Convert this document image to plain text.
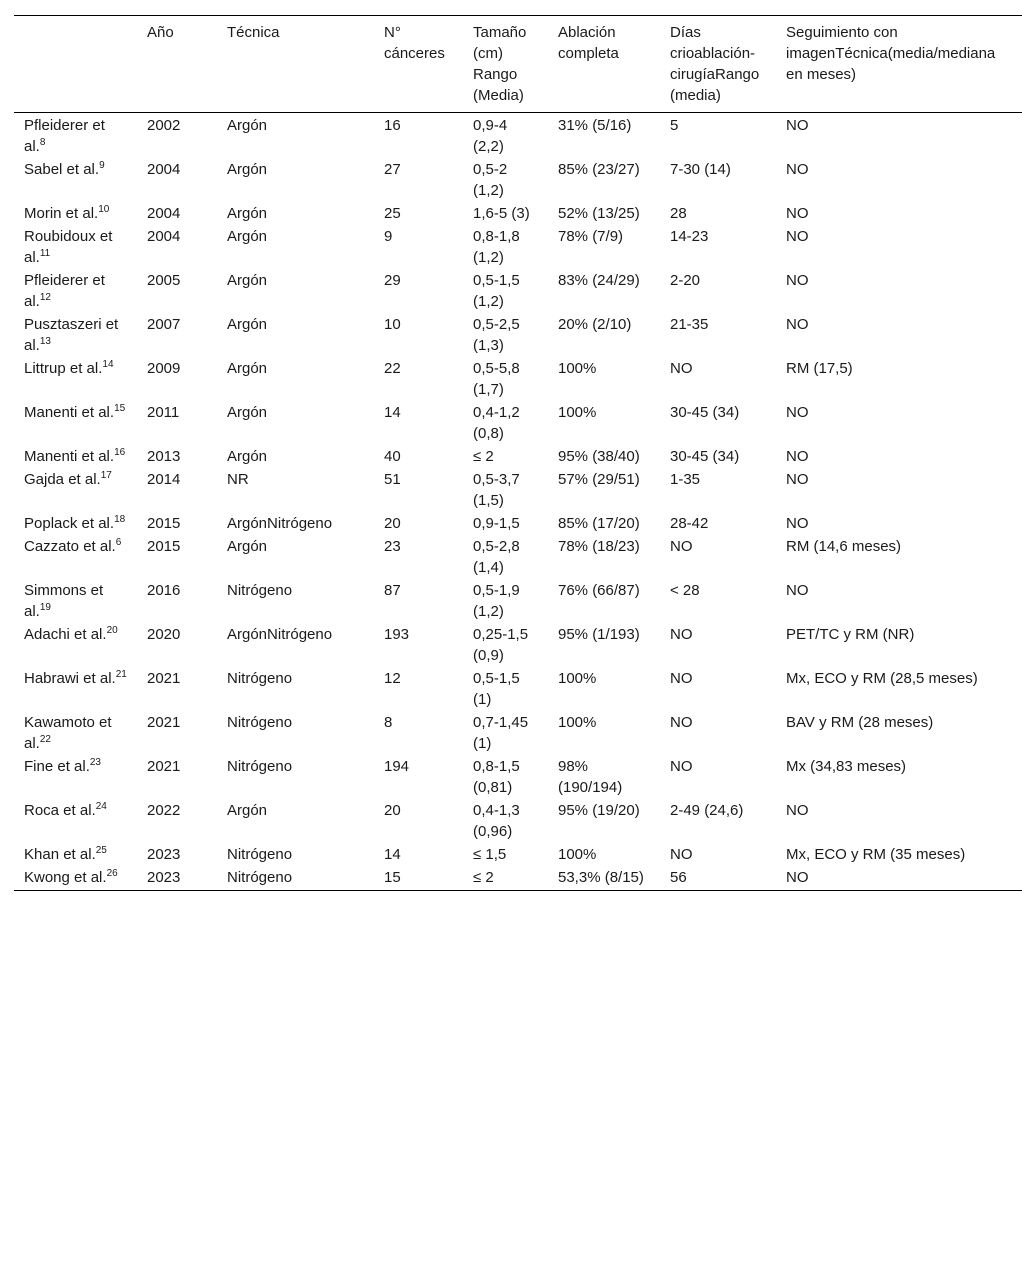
	Año	Técnica	N° cánceres	Tamaño (cm) Rango (Media)	Ablación completa	Días crioablación-cirugíaRango (media)	Seguimiento con imagenTécnica(media/mediana en meses)
Pfleiderer et al.$^8$	2002	Argón	16	0,9-4 (2,2)	31% (5/16)	5	NO
Sabel et al.$^9$	2004	Argón	27	0,5-2 (1,2)	85% (23/27)	7-30 (14)	NO
Morin et al.$^{10}$	2004	Argón	25	1,6-5 (3)	52% (13/25)	28	NO
Roubidoux et al.$^{11}$	2004	Argón	9	0,8-1,8 (1,2)	78% (7/9)	14-23	NO
Pfleiderer et al.$^{12}$	2005	Argón	29	0,5-1,5 (1,2)	83% (24/29)	2-20	NO
Pusztaszeri et al.$^{13}$	2007	Argón	10	0,5-2,5 (1,3)	20% (2/10)	21-35	NO
Littrup et al.$^{14}$	2009	Argón	22	0,5-5,8 (1,7)	100%	NO	RM (17,5)
Manenti et al.$^{15}$	2011	Argón	14	0,4-1,2 (0,8)	100%	30-45 (34)	NO
Manenti et al.$^{16}$	2013	Argón	40	≤ 2	95% (38/40)	30-45 (34)	NO
Gajda et al.$^{17}$	2014	NR	51	0,5-3,7 (1,5)	57% (29/51)	1-35	NO
Poplack et al.$^{18}$	2015	ArgónNitrógeno	20	0,9-1,5	85% (17/20)	28-42	NO
Cazzato et al.$^6$	2015	Argón	23	0,5-2,8 (1,4)	78% (18/23)	NO	RM (14,6 meses)
Simmons et al.$^{19}$	2016	Nitrógeno	87	0,5-1,9 (1,2)	76% (66/87)	< 28	NO
Adachi et al.$^{20}$	2020	ArgónNitrógeno	193	0,25-1,5 (0,9)	95% (1/193)	NO	PET/TC y RM (NR)
Habrawi et al.$^{21}$	2021	Nitrógeno	12	0,5-1,5 (1)	100%	NO	Mx, ECO y RM (28,5 meses)
Kawamoto et al.$^{22}$	2021	Nitrógeno	8	0,7-1,45 (1)	100%	NO	BAV y RM (28 meses)
Fine et al.$^{23}$	2021	Nitrógeno	194	0,8-1,5 (0,81)	98% (190/194)	NO	Mx (34,83 meses)
Roca et al.$^{24}$	2022	Argón	20	0,4-1,3 (0,96)	95% (19/20)	2-49 (24,6)	NO
Khan et al.$^{25}$	2023	Nitrógeno	14	≤ 1,5	100%	NO	Mx, ECO y RM (35 meses)
Kwong et al.$^{26}$	2023	Nitrógeno	15	≤ 2	53,3% (8/15)	56	NO
